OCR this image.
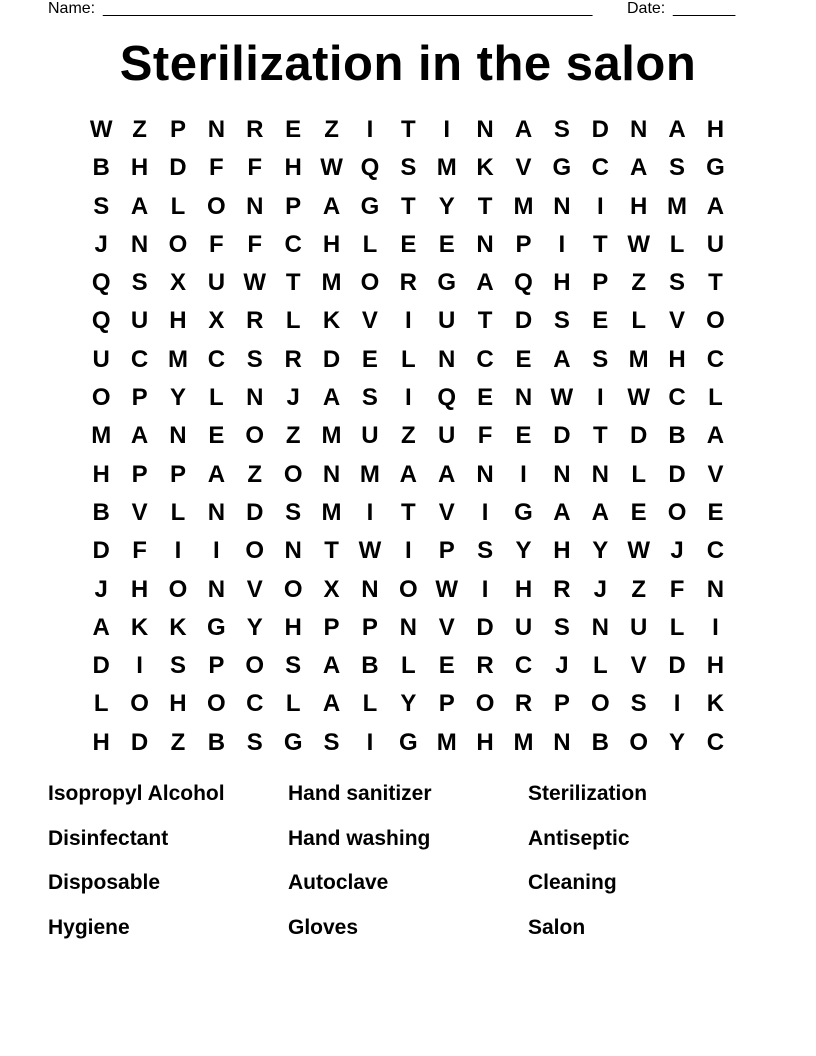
Name: _______________________________________________________ Date: _______
Sterilization in the salon
W Z P N R E Z	I	T	I	N A S D N A H
B H D F F H W Q S M K V G C A S G
S A L O N P A G T Y T M N	I	H M A
J N O F F C H L E E N P	I	T W L U
Q S X U W T M O R G A Q H P Z S T
Q U H X R L K V	I	U T D S E L V O
U C M C S R D E L N C E A S M H C
O P Y L N J A S	I	Q E N W I W C L
M A N E O Z M U Z U F E D T D B A
H P P A Z O N M A A N	I	N N L D V
B V L N D S M	I	T V	I	G A A E O E
D F	I	I	O N T W I	P S Y H Y W J C
J H O N V O X N O W I	H R J	Z F N
A K K G Y H P P N V D U S N U L	I
D	I	S P O S A B L E R C J	L V D H
L O H O C L A L Y P O R P O S	I	K
H D Z B S G S	I	G M H M N B O Y C
Isopropyl Alcohol	Hand sanitizer	Sterilization
Disinfectant	Hand washing	Antiseptic
Disposable	Autoclave	Cleaning
Hygiene	Gloves	Salon
